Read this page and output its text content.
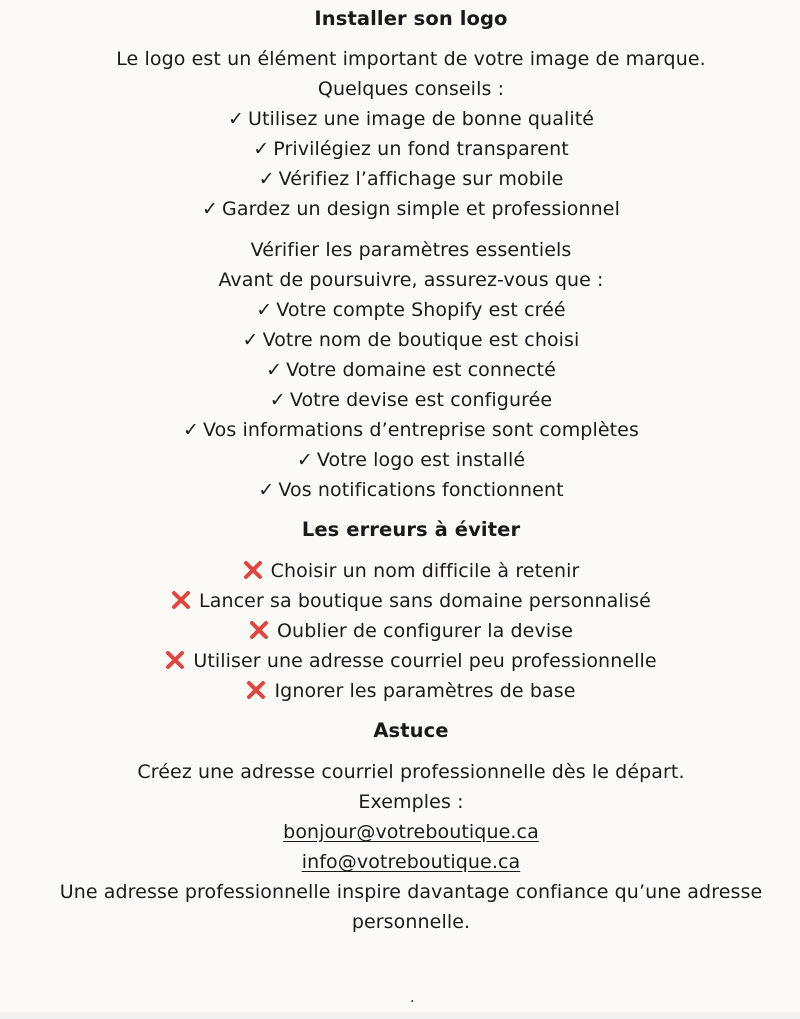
Installer son logo
Le logo est un élément important de votre image de marque.
Quelques conseils :
✓ Utilisez une image de bonne qualité
✓ Privilégiez un fond transparent
✓ Vérifiez l’affichage sur mobile
✓ Gardez un design simple et professionnel
Vérifier les paramètres essentiels
Avant de poursuivre, assurez-vous que :
✓ Votre compte Shopify est créé
✓ Votre nom de boutique est choisi
✓ Votre domaine est connecté
✓ Votre devise est configurée
✓ Vos informations d’entreprise sont complètes
✓ Votre logo est installé
✓ Vos notifications fonctionnent
Les erreurs à éviter
Choisir un nom difficile à retenir
Lancer sa boutique sans domaine personnalisé
Oublier de configurer la devise
Utiliser une adresse courriel peu professionnelle
Ignorer les paramètres de base
Astuce
Créez une adresse courriel professionnelle dès le départ.
Exemples :
bonjour@votreboutique.ca
info@votreboutique.ca
Une adresse professionnelle inspire davantage confiance qu’une adresse
personnelle.
.
